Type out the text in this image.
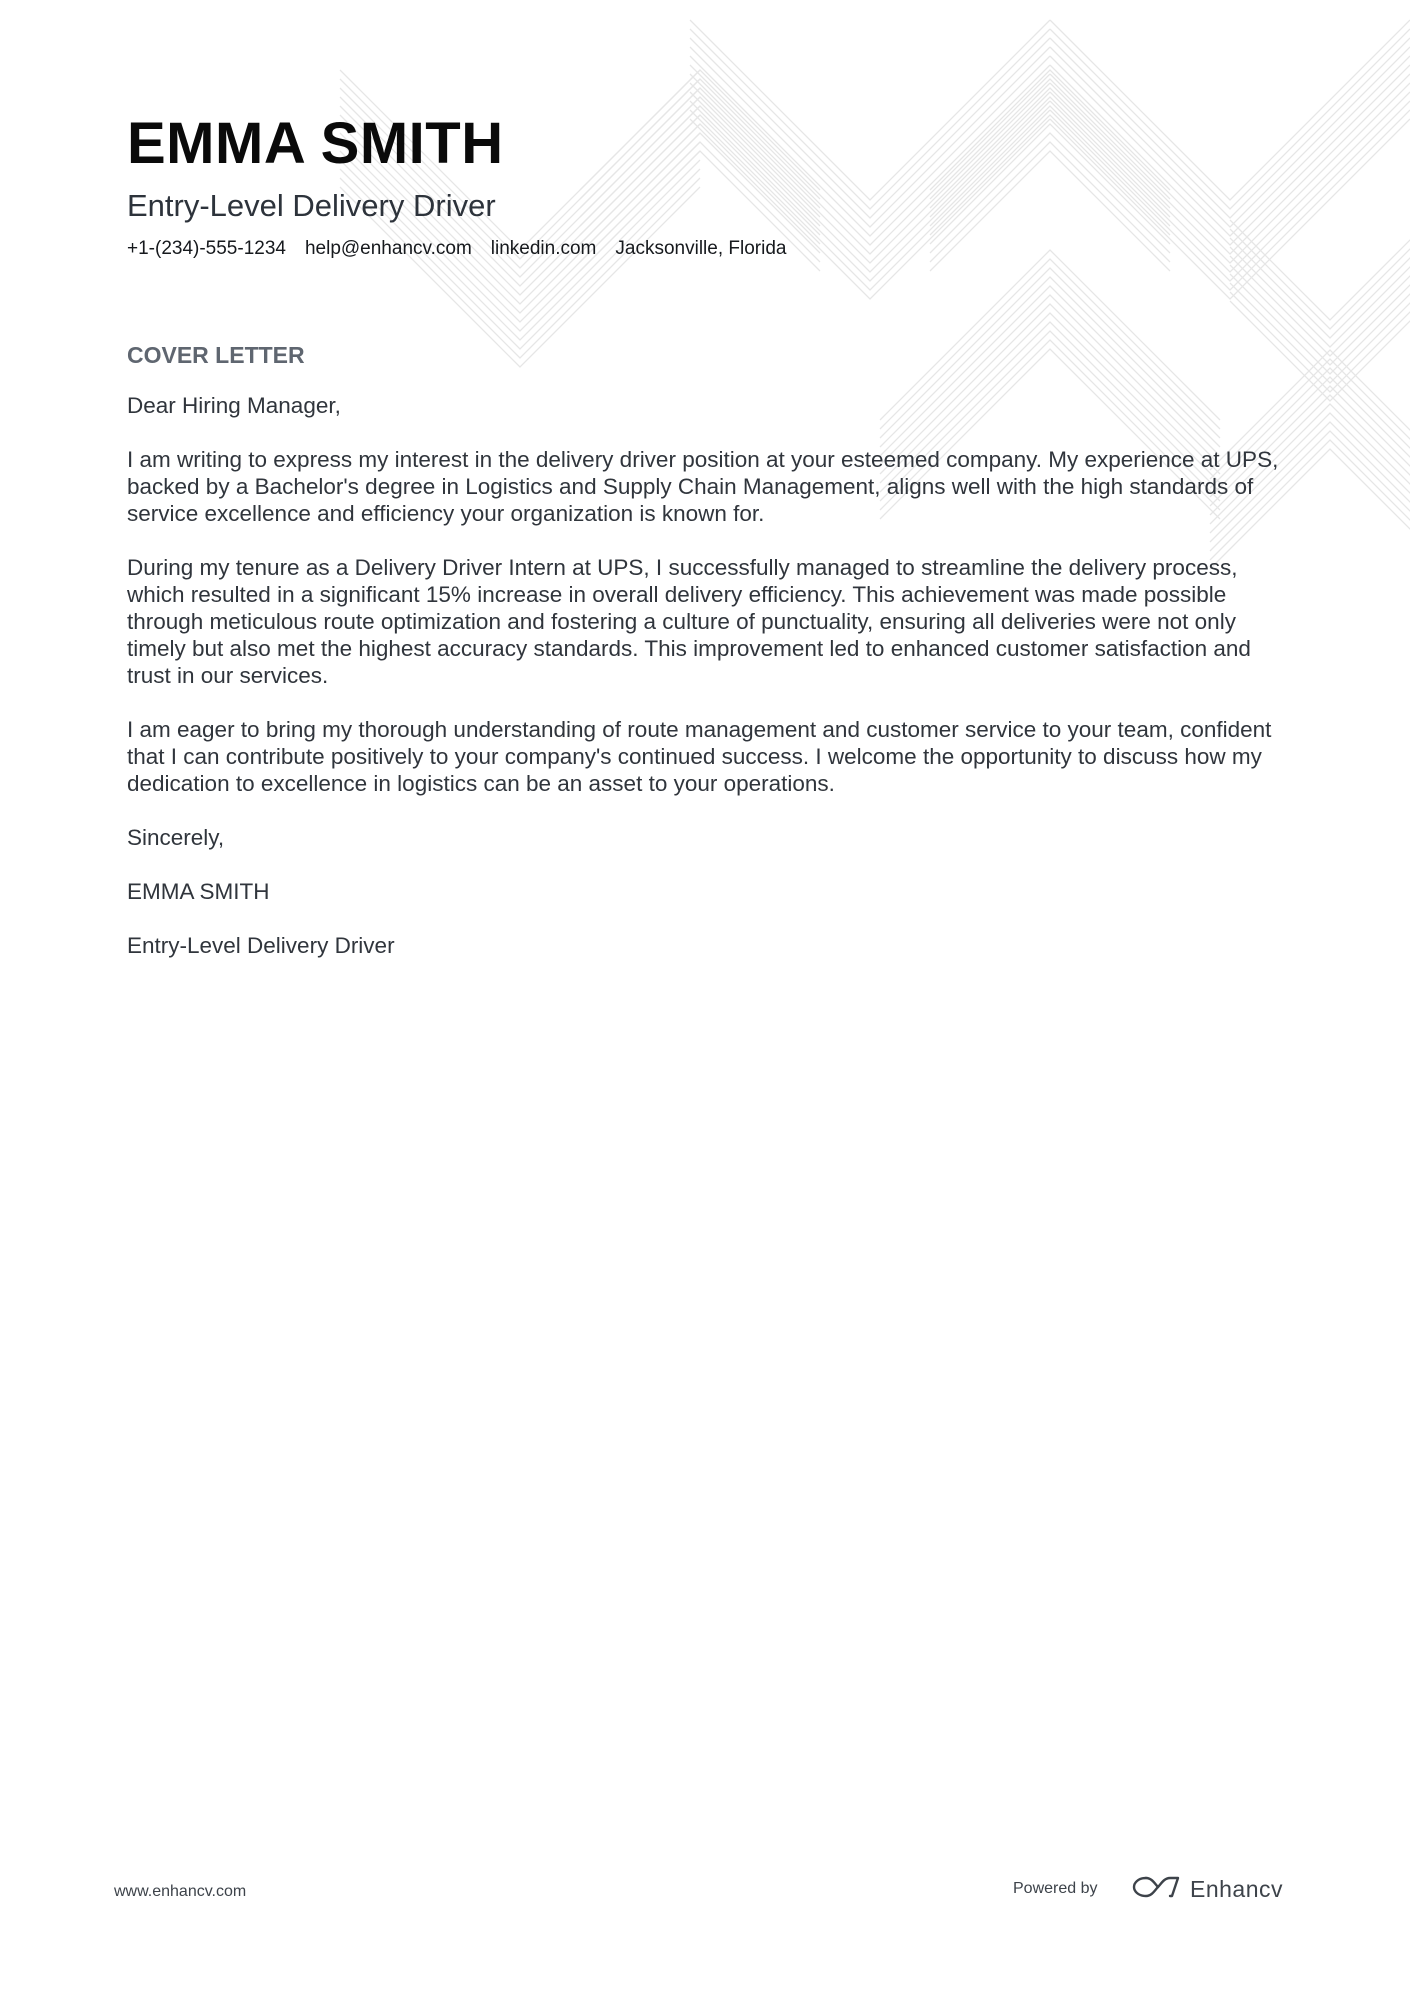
EMMA SMITH
Entry-Level Delivery Driver
+1-(234)-555-1234 help@enhancv.com linkedin.com Jacksonville, Florida
COVER LETTER

Dear Hiring Manager,

I am writing to express my interest in the delivery driver position at your esteemed company. My experience at UPS, backed by a Bachelor's degree in Logistics and Supply Chain Management, aligns well with the high standards of service excellence and efficiency your organization is known for.

During my tenure as a Delivery Driver Intern at UPS, I successfully managed to streamline the delivery process, which resulted in a significant 15% increase in overall delivery efficiency. This achievement was made possible through meticulous route optimization and fostering a culture of punctuality, ensuring all deliveries were not only timely but also met the highest accuracy standards. This improvement led to enhanced customer satisfaction and trust in our services.

I am eager to bring my thorough understanding of route management and customer service to your team, confident that I can contribute positively to your company's continued success. I welcome the opportunity to discuss how my dedication to excellence in logistics can be an asset to your operations.

Sincerely,

EMMA SMITH

Entry-Level Delivery Driver

www.enhancv.com	Powered by	Enhancv
